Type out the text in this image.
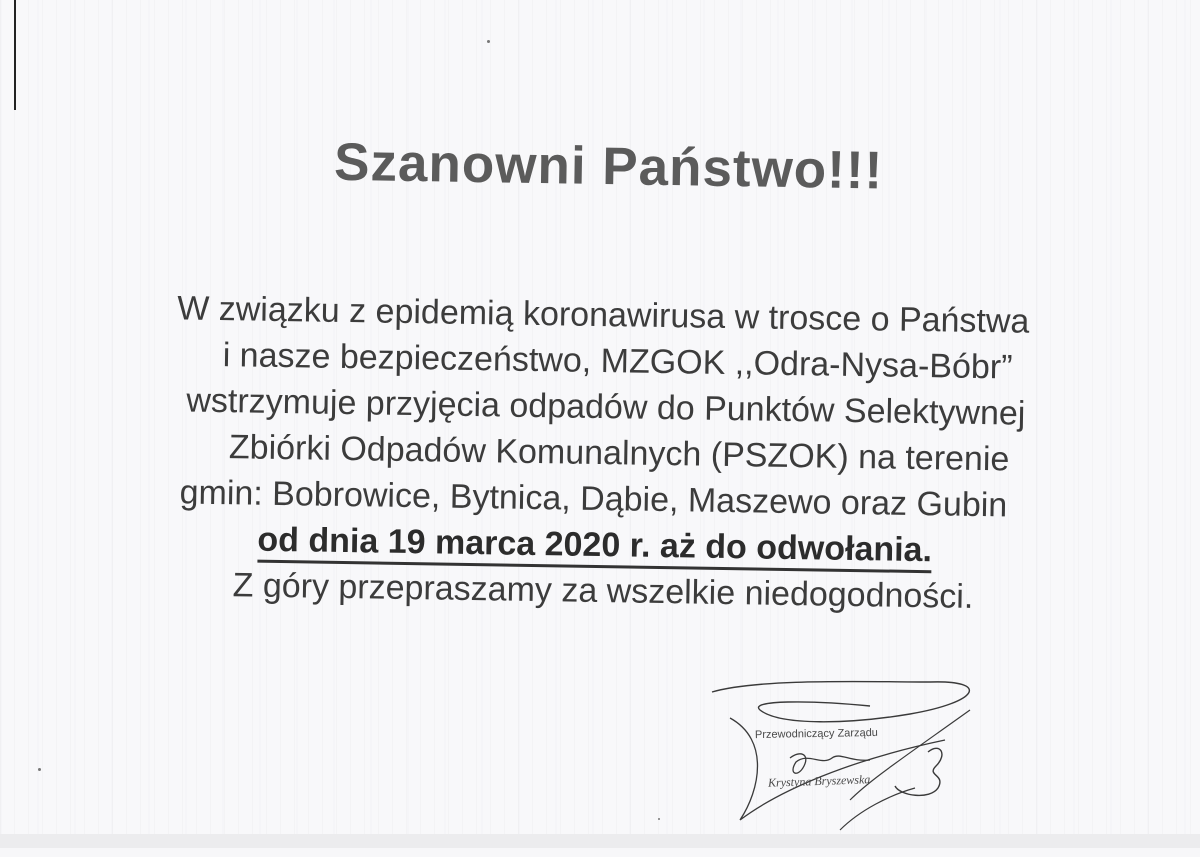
Szanowni Państwo!!!
W związku z epidemią koronawirusa w trosce o Państwa
i nasze bezpieczeństwo, MZGOK ,,Odra-Nysa-Bóbr”
wstrzymuje przyjęcia odpadów do Punktów Selektywnej
Zbiórki Odpadów Komunalnych (PSZOK) na terenie
gmin: Bobrowice, Bytnica, Dąbie, Maszewo oraz Gubin
od dnia 19 marca 2020 r. aż do odwołania.
Z góry przepraszamy za wszelkie niedogodności.
Przewodniczący Zarządu
Krystyna Bryszewska
